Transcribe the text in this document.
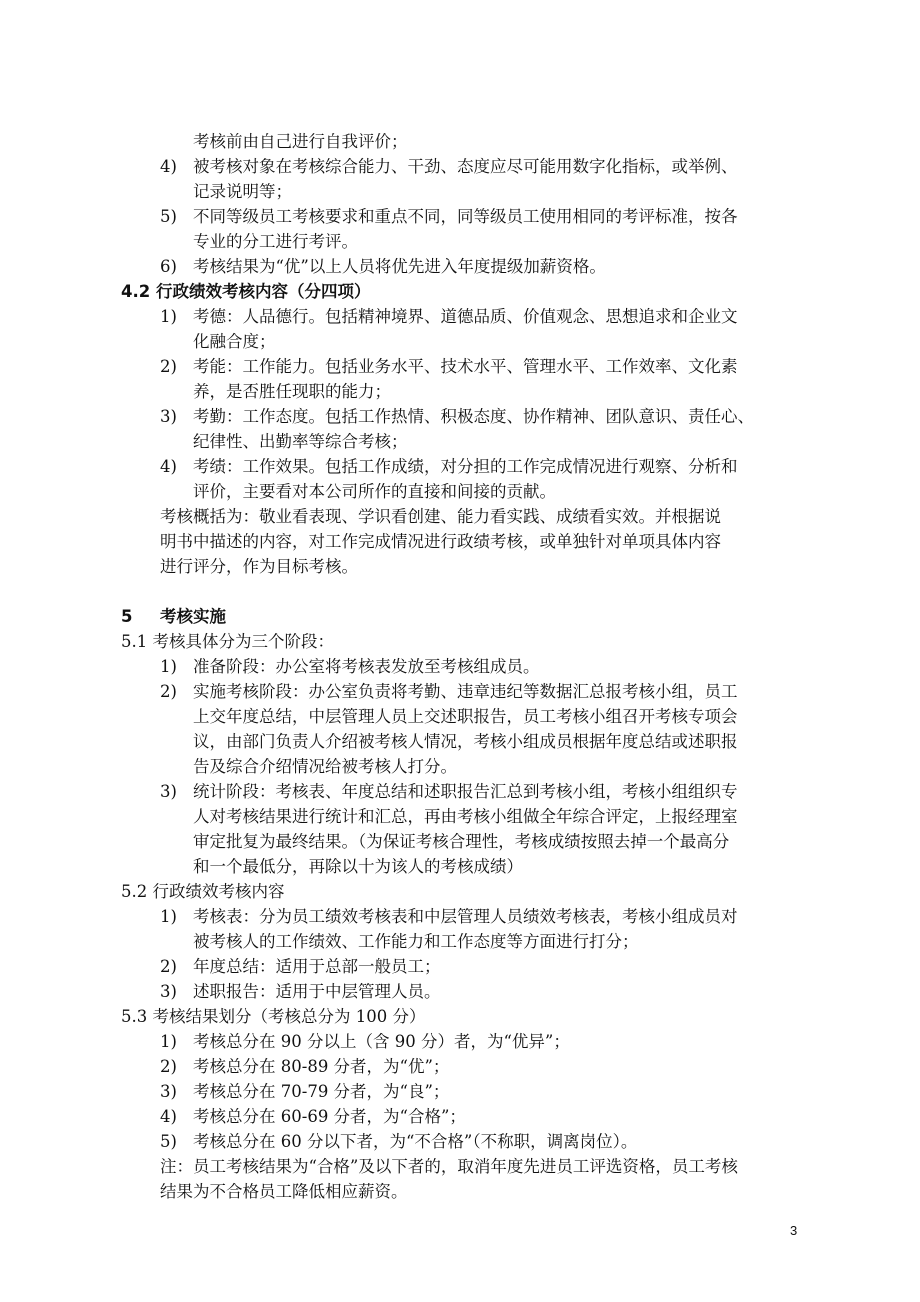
考核前由自己进行自我评价；
4) 被考核对象在考核综合能力、干劲、态度应尽可能用数字化指标，或举例、
记录说明等；
5) 不同等级员工考核要求和重点不同，同等级员工使用相同的考评标准，按各
专业的分工进行考评。
6) 考核结果为“优”以上人员将优先进入年度提级加薪资格。
4.2 行政绩效考核内容（分四项）
1) 考德：人品德行。包括精神境界、道德品质、价值观念、思想追求和企业文
化融合度；
2) 考能：工作能力。包括业务水平、技术水平、管理水平、工作效率、文化素
养，是否胜任现职的能力；
3) 考勤：工作态度。包括工作热情、积极态度、协作精神、团队意识、责任心、
纪律性、出勤率等综合考核；
4) 考绩：工作效果。包括工作成绩，对分担的工作完成情况进行观察、分析和
评价，主要看对本公司所作的直接和间接的贡献。
考核概括为：敬业看表现、学识看创建、能力看实践、成绩看实效。并根据说
明书中描述的内容，对工作完成情况进行政绩考核，或单独针对单项具体内容
进行评分，作为目标考核。
5 考核实施
5.1 考核具体分为三个阶段：
1) 准备阶段：办公室将考核表发放至考核组成员。
2) 实施考核阶段：办公室负责将考勤、违章违纪等数据汇总报考核小组，员工
上交年度总结，中层管理人员上交述职报告，员工考核小组召开考核专项会
议，由部门负责人介绍被考核人情况，考核小组成员根据年度总结或述职报
告及综合介绍情况给被考核人打分。
3) 统计阶段：考核表、年度总结和述职报告汇总到考核小组，考核小组组织专
人对考核结果进行统计和汇总，再由考核小组做全年综合评定，上报经理室
审定批复为最终结果。（为保证考核合理性，考核成绩按照去掉一个最高分
和一个最低分，再除以十为该人的考核成绩）
5.2 行政绩效考核内容
1) 考核表：分为员工绩效考核表和中层管理人员绩效考核表，考核小组成员对
被考核人的工作绩效、工作能力和工作态度等方面进行打分；
2) 年度总结：适用于总部一般员工；
3) 述职报告：适用于中层管理人员。
5.3 考核结果划分（考核总分为 100 分）
1) 考核总分在 90 分以上（含 90 分）者，为“优异”；
2) 考核总分在 80-89 分者，为“优”；
3) 考核总分在 70-79 分者，为“良”；
4) 考核总分在 60-69 分者，为“合格”；
5) 考核总分在 60 分以下者，为“不合格”（不称职，调离岗位）。
注：员工考核结果为“合格”及以下者的，取消年度先进员工评选资格，员工考核
结果为不合格员工降低相应薪资。
3
